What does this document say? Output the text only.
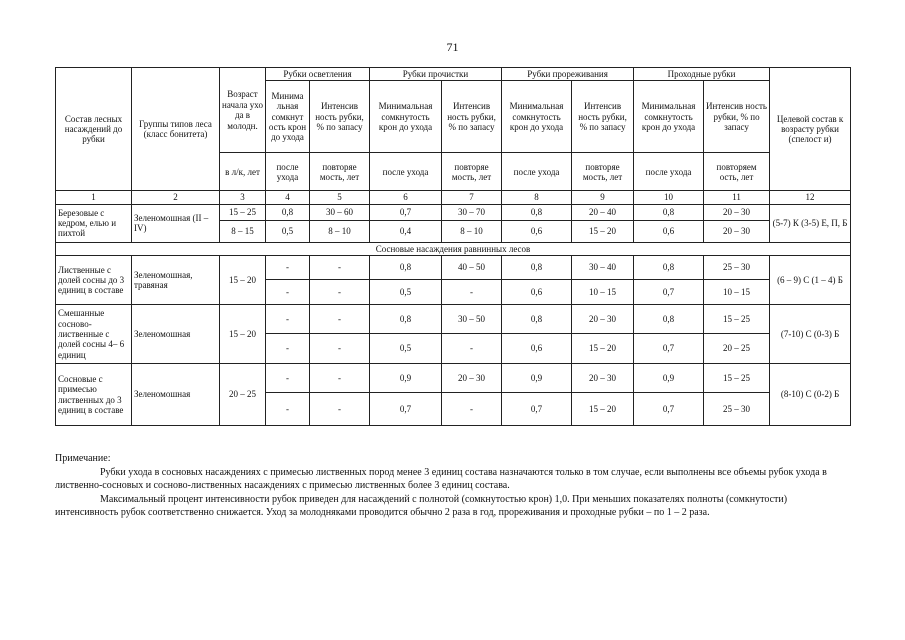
71
Состав лесных насаждений до рубки	Группы типов леса (класс бонитета)	Возраст начала ухо да в молодн.	Рубки осветления		Рубки прочистки		Рубки прореживания		Проходные рубки		Целевой состав к возрасту рубки (спелост и)
			Минима льная сомкнут ость крон до ухода	Интенсив ность рубки, % по запасу	Минимальная сомкнутость крон до ухода	Интенсив ность рубки, % по запасу	Минимальная сомкнутость крон до ухода	Интенсив ность рубки, % по запасу	Минимальная сомкнутость крон до ухода	Интенсив ность рубки, % по запасу	
		в л/к, лет	после ухода	повторяе мость, лет	после ухода	повторяе мость, лет	после ухода	повторяе мость, лет	после ухода	повторяем ость, лет	
1	2	3	4	5	6	7	8	9	10	11	12
Березовые с кедром, елью и пихтой	Зеленомошная (II – IV)	15 – 25	0,8	30 – 60	0,7	30 – 70	0,8	20 – 40	0,8	20 – 30	(5-7) К (3-5) Е, П, Б
		8 – 15	0,5	8 – 10	0,4	8 – 10	0,6	15 – 20	0,6	20 – 30	
Сосновые насаждения равнинных лесов											
Лиственные с долей сосны до 3 единиц в составе	Зеленомошная, травяная	15 – 20	-	-	0,8	40 – 50	0,8	30 – 40	0,8	25 – 30	(6 – 9) С (1 – 4) Б
			-	-	0,5	-	0,6	10 – 15	0,7	10 – 15	
Смешанные сосново-лиственные с долей сосны 4– 6 единиц	Зеленомошная	15 – 20	-	-	0,8	30 – 50	0,8	20 – 30	0,8	15 – 25	(7-10) С (0-3) Б
			-	-	0,5	-	0,6	15 – 20	0,7	20 – 25	
Сосновые с примесью лиственных до 3 единиц в составе	Зеленомошная	20 – 25	-	-	0,9	20 – 30	0,9	20 – 30	0,9	15 – 25	(8-10) С (0-2) Б
			-	-	0,7	-	0,7	15 – 20	0,7	25 – 30	

Примечание:

Рубки ухода в сосновых насаждениях с примесью лиственных пород менее 3 единиц состава назначаются только в том случае, если выполнены все объемы рубок ухода в лиственно-сосновых и сосново-лиственных насаждениях с примесью лиственных более 3 единиц состава.

Максимальный процент интенсивности рубок приведен для насаждений с полнотой (сомкнутостью крон) 1,0. При меньших показателях полноты (сомкнутости) интенсивность рубок соответственно снижается. Уход за молодняками проводится обычно 2 раза в год, прореживания и проходные рубки – по 1 – 2 раза.
